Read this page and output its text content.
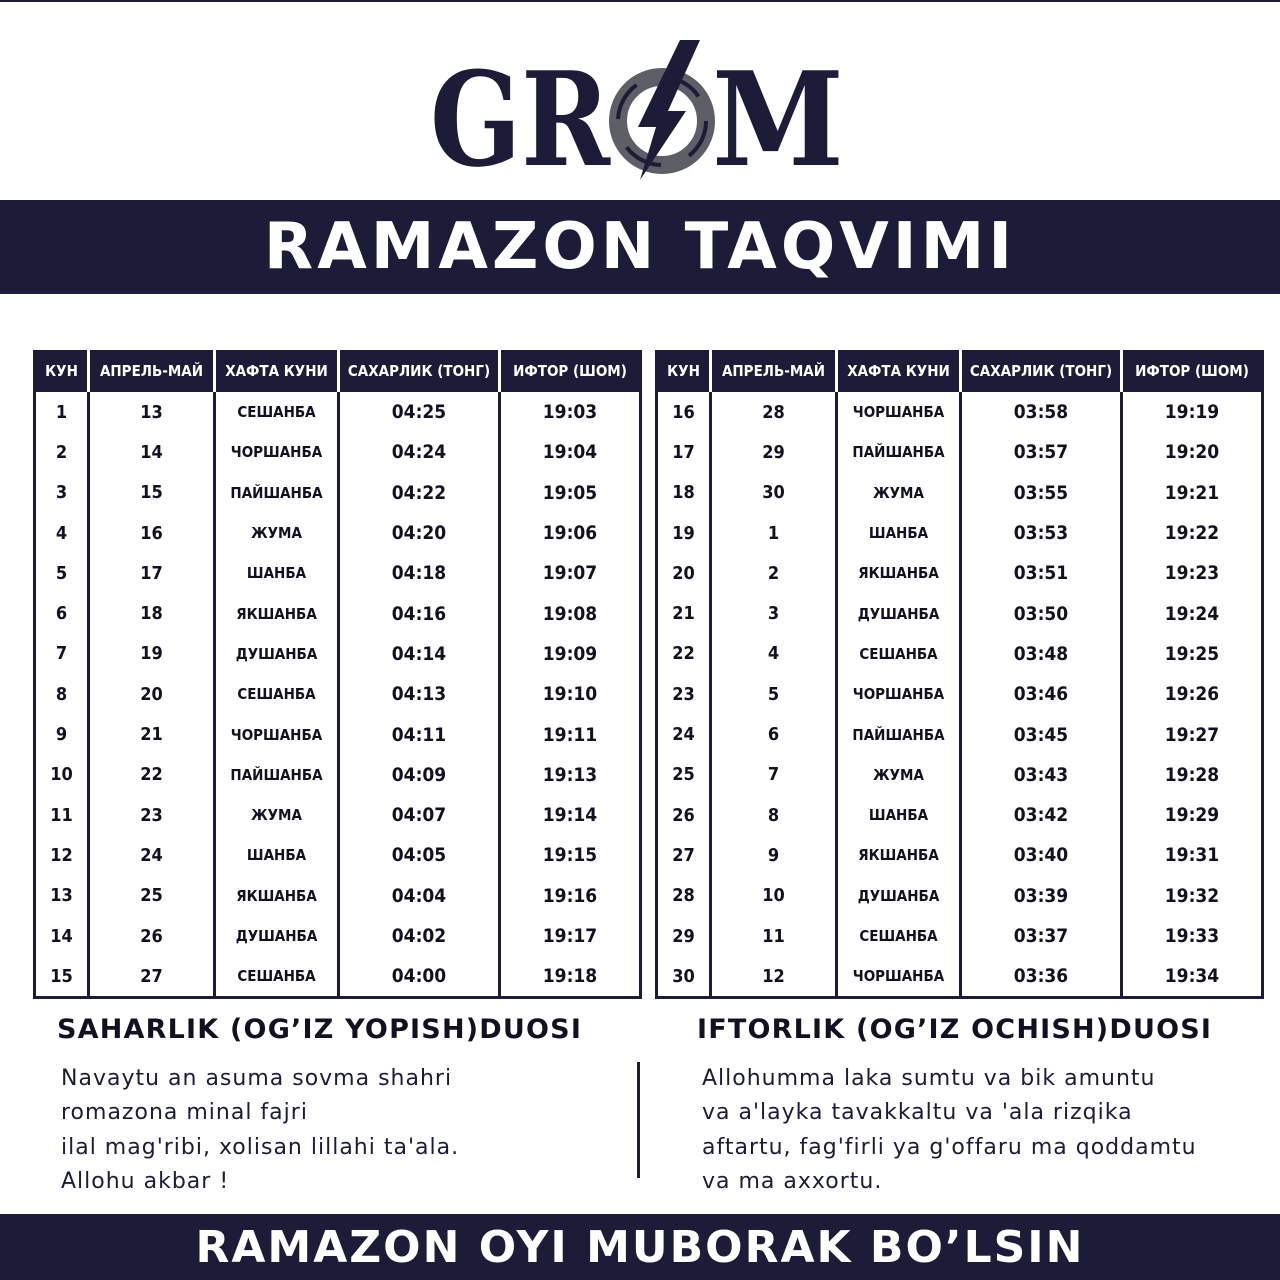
GR M
RAMAZON TAQVIMI
КУН	АПРЕЛЬ-МАЙ	ХАФТА КУНИ	САХАРЛИК (ТОНГ)	ИФТОР (ШОМ)
1	13	СЕШАНБА	04:25	19:03
2	14	ЧОРШАНБА	04:24	19:04
3	15	ПАЙШАНБА	04:22	19:05
4	16	ЖУМА	04:20	19:06
5	17	ШАНБА	04:18	19:07
6	18	ЯКШАНБА	04:16	19:08
7	19	ДУШАНБА	04:14	19:09
8	20	СЕШАНБА	04:13	19:10
9	21	ЧОРШАНБА	04:11	19:11
10	22	ПАЙШАНБА	04:09	19:13
11	23	ЖУМА	04:07	19:14
12	24	ШАНБА	04:05	19:15
13	25	ЯКШАНБА	04:04	19:16
14	26	ДУШАНБА	04:02	19:17
15	27	СЕШАНБА	04:00	19:18
КУН	АПРЕЛЬ-МАЙ	ХАФТА КУНИ	САХАРЛИК (ТОНГ)	ИФТОР (ШОМ)
16	28	ЧОРШАНБА	03:58	19:19
17	29	ПАЙШАНБА	03:57	19:20
18	30	ЖУМА	03:55	19:21
19	1	ШАНБА	03:53	19:22
20	2	ЯКШАНБА	03:51	19:23
21	3	ДУШАНБА	03:50	19:24
22	4	СЕШАНБА	03:48	19:25
23	5	ЧОРШАНБА	03:46	19:26
24	6	ПАЙШАНБА	03:45	19:27
25	7	ЖУМА	03:43	19:28
26	8	ШАНБА	03:42	19:29
27	9	ЯКШАНБА	03:40	19:31
28	10	ДУШАНБА	03:39	19:32
29	11	СЕШАНБА	03:37	19:33
30	12	ЧОРШАНБА	03:36	19:34
SAHARLIK (OG’IZ YOPISH)DUOSI	IFTORLIK (OG’IZ OCHISH)DUOSI
Navaytu an asuma sovma shahri
romazona minal fajri
ilal mag'ribi, xolisan lillahi ta'ala.
Allohu akbar !
Allohumma laka sumtu va bik amuntu
va a'layka tavakkaltu va 'ala rizqika
aftartu, fag'firli ya g'offaru ma qoddamtu
va ma axxortu.
RAMAZON OYI MUBORAK BO’LSIN
